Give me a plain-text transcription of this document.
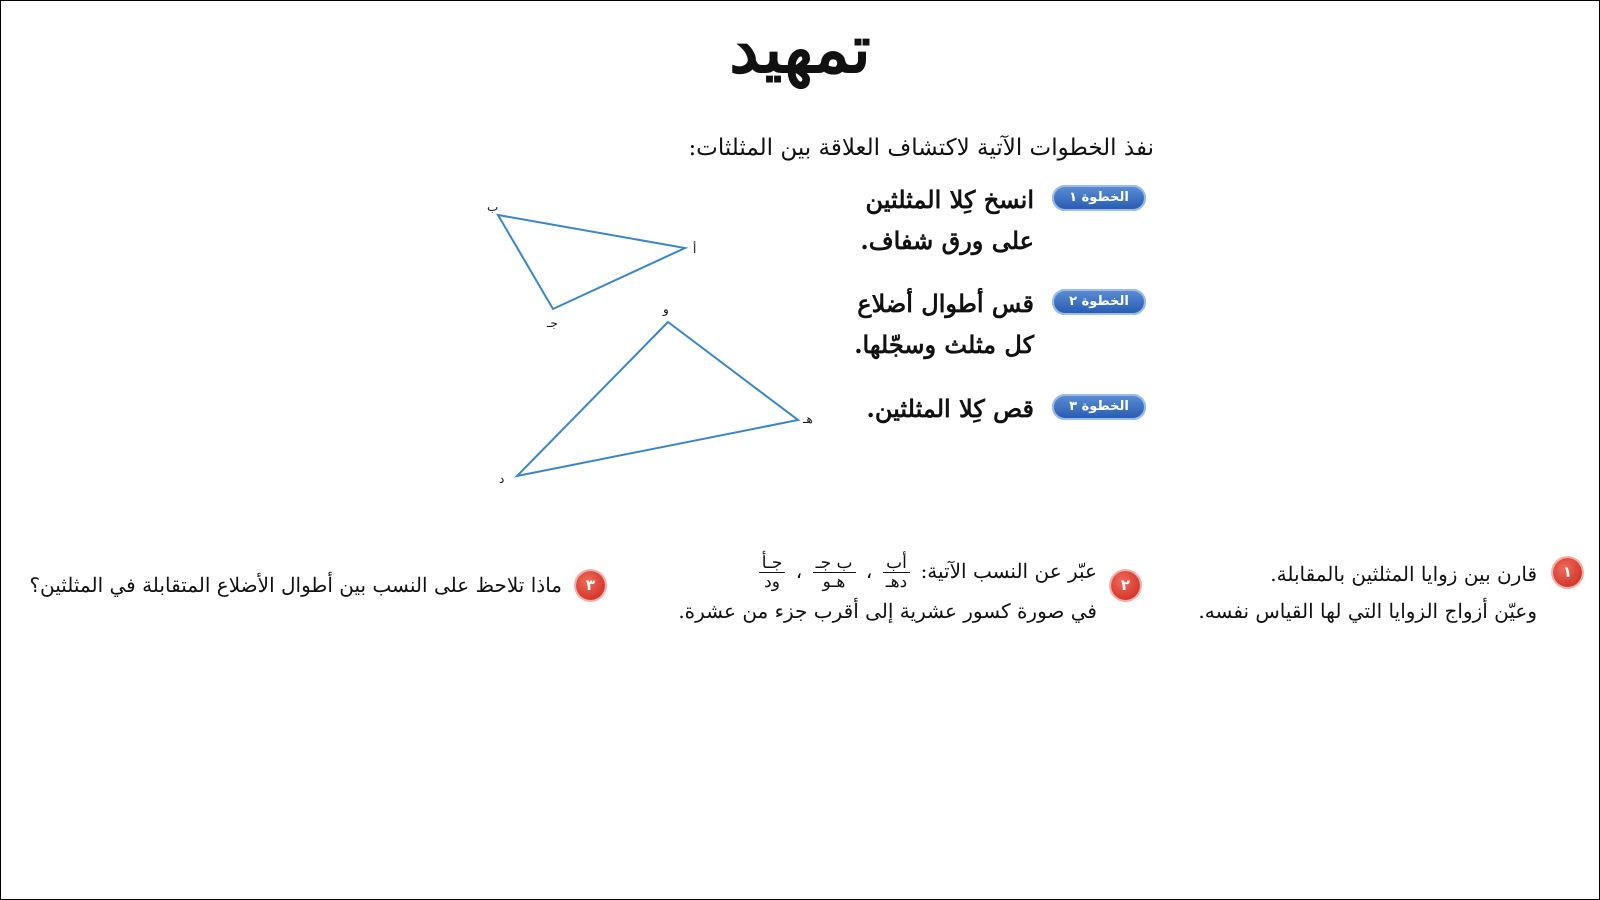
تمهيد
نفذ الخطوات الآتية لاكتشاف العلاقة بين المثلثات:
الخطوة ١
انسخ كِلا المثلثين
على ورق شفاف.
الخطوة ٢
قس أطوال أضلاع
كل مثلث وسجّلها.
الخطوة ٣
قص كِلا المثلثين.
ب
أ
جـ
و
هـ
د
١
قارن بين زوايا المثلثين بالمقابلة.
وعيّن أزواج الزوايا التي لها القياس نفسه.
٢
عبّر عن النسب الآتية:
$\frac{\text{أب}}{\text{دهـ}}$
،
$\frac{\text{ب جـ}}{\text{هـو}}$
،
$\frac{\text{جـأ}}{\text{ود}}$
في صورة كسور عشرية إلى أقرب جزء من عشرة.
٣
ماذا تلاحظ على النسب بين أطوال الأضلاع المتقابلة في المثلثين؟
